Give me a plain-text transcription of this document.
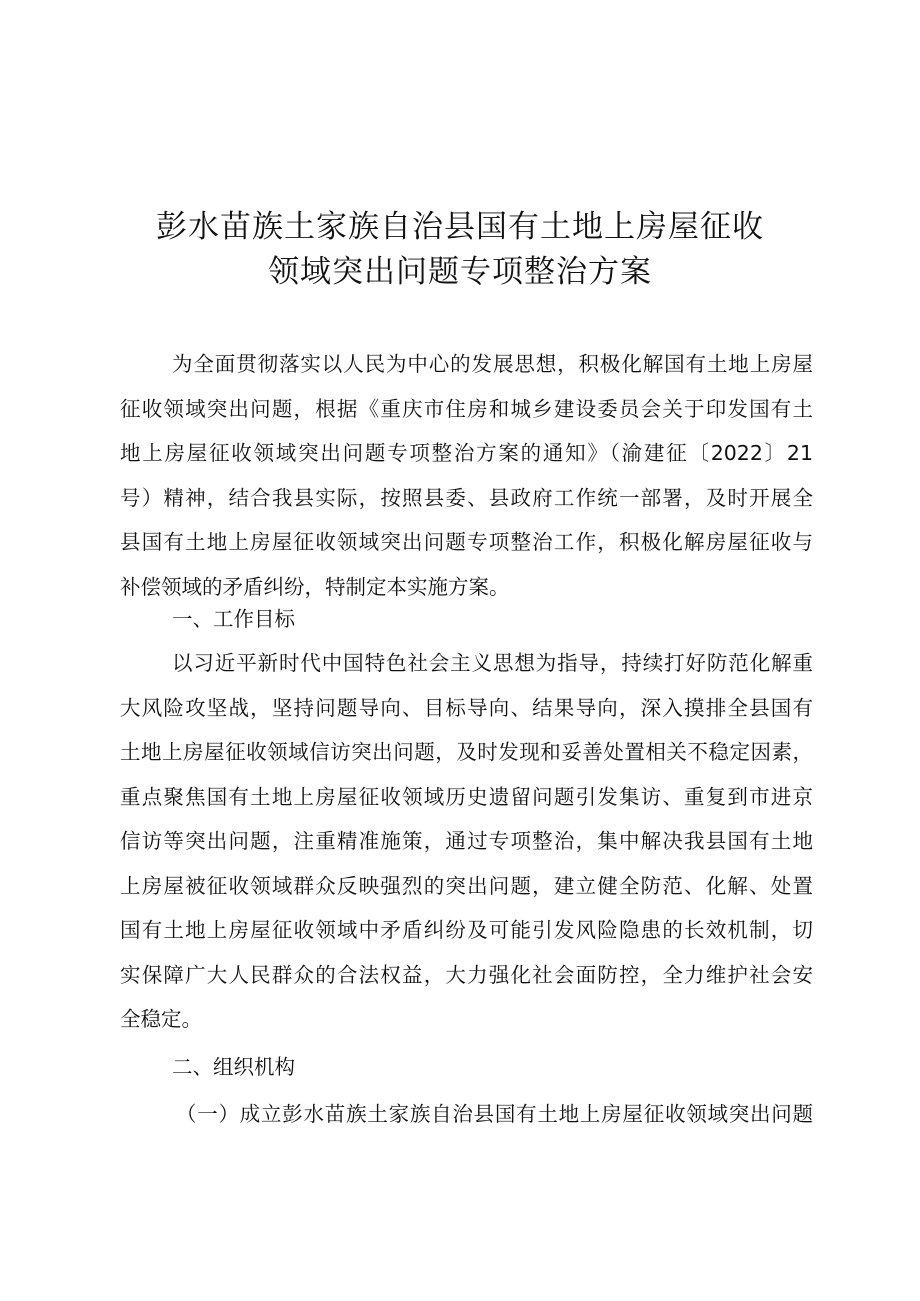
彭水苗族土家族自治县国有土地上房屋征收
领域突出问题专项整治方案
为全面贯彻落实以人民为中心的发展思想，积极化解国有土地上房屋
征收领域突出问题，根据《重庆市住房和城乡建设委员会关于印发国有土
地上房屋征收领域突出问题专项整治方案的通知》（渝建征〔2022〕21
号）精神，结合我县实际，按照县委、县政府工作统一部署，及时开展全
县国有土地上房屋征收领域突出问题专项整治工作，积极化解房屋征收与
补偿领域的矛盾纠纷，特制定本实施方案。
一、工作目标
以习近平新时代中国特色社会主义思想为指导，持续打好防范化解重
大风险攻坚战，坚持问题导向、目标导向、结果导向，深入摸排全县国有
土地上房屋征收领域信访突出问题，及时发现和妥善处置相关不稳定因素，
重点聚焦国有土地上房屋征收领域历史遗留问题引发集访、重复到市进京
信访等突出问题，注重精准施策，通过专项整治，集中解决我县国有土地
上房屋被征收领域群众反映强烈的突出问题，建立健全防范、化解、处置
国有土地上房屋征收领域中矛盾纠纷及可能引发风险隐患的长效机制，切
实保障广大人民群众的合法权益，大力强化社会面防控，全力维护社会安
全稳定。
二、组织机构
（一）成立彭水苗族土家族自治县国有土地上房屋征收领域突出问题
